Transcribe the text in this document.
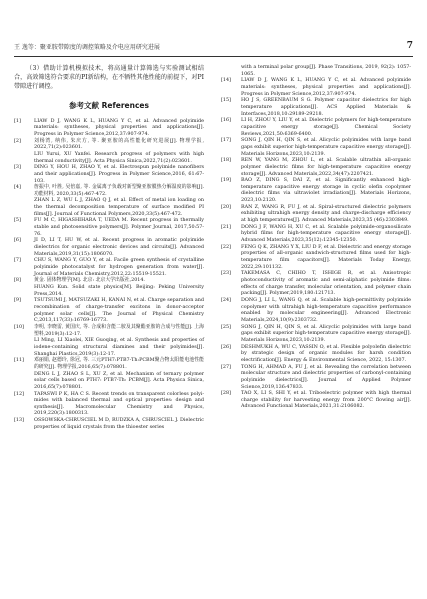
王 逸等：聚亚胺带隙度的调控策略及介电应用研究进展	7

（3）借助计算机模拟技术，将高通量计算筛选与实验测试相结合，高效筛选符合要求的PI新结构，在不牺牲其他性能的前提下，对PI带隙进行调控。

参考文献 References
[1]	LIAW D J, WANG K L, HUANG Y C, et al. Advanced polyimide materials: syntheses, physical properties and applications[J]. Progress in Polymer Science,2012,37:907-974.
[2]	刘杨湾, 纳伟, 朱庆方, 等. 聚亚胺的高性能化研究进展[J]. 物理学报, 2022,71(2):023601.
LIU Yurui, XU Yanfei. Research progress of polymers with high thermal conductivity[J]. Acta Physica Sinica,2022,71(2):023601.
[3]	DING Y, HOU H, ZHAO Y, et al. Electrospun polyimide nanofibers and their applications[J]. Progress in Polymer Science,2016, 61:67-103.
[4]	詹振中, 叶胜, 吴倍嘉, 等. 金属离子负载对新型聚亚胺膜热分解温度的影响[J]. 功能材料, 2020,33(5):467-472.
ZHAN L Z, WU L J, ZHAO Q J, et al. Effect of metal ion loading on the thermal decomposition temperature of surface modified PI films[J]. Journal of Functional Polymers,2020,33(5):467-472.
[5]	FU M C, HIGASHIHARA T, UEDA M. Recent progress in thermally stable and photosensitive polymers[J]. Polymer Journal, 2017,50:57-76.
[6]	JI D, LI T, HU W, et al. Recent progress in aromatic polyimide dielectrics for organic electronic devices and circuits[J]. Advanced Materials,2019,31(15):1806070.
[7]	CHU S, WANG Y, GUO Y, et al. Facile green synthesis of crystalline polyimide photocatalyst for hydrogen generation from water[J]. Journal of Materials Chemistry,2012,22:15519-15521.
[8]	黄金. 固体物理学[M]. 北京: 北京大学出版社,2014.
HUANG Kun. Solid state physics[M]. Beijing: Peking University Press,2014.
[9]	TSUTSUMI J, MATSUZAKI H, KANAI N, et al. Charge separation and recombination of charge-transfer excitons in donor-acceptor polymer solar cells[J]. The Journal of Physical Chemistry C,2013,117(33):16769-16773.
[10] 李明, 李晓雷, 黄国庆, 等. 合成和含能二胺及其聚酯亚胺的合成与性能[J]. 上海塑料,2019(3):12-17.
LI Ming, LI Xiaolei, XIE Guoqing, et al. Synthesis and properties of iodene-containing structural diamines and their polyimides[J]. Shanghai Plastics,2019(3):12-17.
[11] 邓丽娟, 赵德玲, 徐冠, 等. 三元PTH7:PTB7-Th:PCBM聚合物太阳能电池性能的研究[J]. 物理学报,2016,65(7):078801.
DENG L J, ZHAO S L, XU Z, et al. Mechanism of ternary polymer solar cells based on PTH7: PTB7-Th: PCBM[J]. Acta Physica Sinica, 2016,65(7):078801.
[12] TAPASWI P K, HA C S. Recent trends on transparent colorless polyi-mides with balanced thermal and optical properties: design and synthesis[J]. Macromolecular Chemistry and Physics, 2019,220(3):1800313.
[13] OSSOWSKA-CHRUSCIEL M D, RUDZKA A, CHRUSCIEL J. Dielectric properties of liquid crystals from the thioester series
with a terminal polar group[J]. Phase Transitions, 2019, 92(2): 1057-1065.
[14] LIAW D J, WANG K L, HUANG Y C, et al. Advanced polyimide materials: syntheses, physical properties and applications[J]. Progress in Polymer Science,2012,37:907-974.
[15] HO J S, GREENBAUM S G. Polymer capacitor dielectrics for high temperature applications[J]. ACS Applied Materials & Interfaces,2018,10:29189-29218.
[16] LI H, ZHOU Y, LIU Y, et al. Dielectric polymers for high-temperature capacitive energy storage[J]. Chemical Society Reviews,2021,50:6369-6400.
[17] SONG J, QIN H, QIN S, et al. Alicyclic polyimides with large band gaps exhibit superior high-temperature capacitive energy storage[J]. Materials Horizons,2023,10:2139.
[18] REN W, YANG M, ZHOU L, et al. Scalable ultrathin all-organic polymer dielectric films for high-temperature capacitive energy storage[J]. Advanced Materials,2022,34(47):2207421.
[19] BAO Z, DING S, DAI Z, et al. Significantly enhanced high-temperature capacitive energy storage in cyclic olefin copolymer dielectric films via ultraviolet irradiation[J]. Materials Horizons, 2023,10:2120.
[20] RAN Z, WANG R, FU J, et al. Spiral-structured dielectric polymers exhibiting ultrahigh energy density and charge-discharge efficiency at high temperatures[J]. Advanced Materials,2023,35 (46):2303849.
[21] DONG J F, WANG H, XU C, et al. Scalable polyimide-organosilicate hybrid films for high-temperature capacitive energy storage[J]. Advanced Materials,2023,35(12):12345-12350.
[22] FENG Q K, ZHANG Y X, LIU D F, et al. Dielectric and energy storage properties of all-organic sandwich-structured films used for high-temperature film capacitors[J]. Materials Today Energy, 2022,29:101132.
[23] TAKEMASA C, CHIHO T, ISHIGE R, et al. Anisotropic photoconductivity of aromatic and semi-aliphatic polyimide films: effects of charge transfer, molecular orientation, and polymer chain packing[J]. Polymer,2019,180:121713.
[24] DONG J, LI L, WANG Q, et al. Scalable high-permittivity polyimide copolymer with ultrahigh high-temperature capacitive performance enabled by molecular engineering[J]. Advanced Electronic Materials,2024,10(9):2303732.
[25] SONG J, QIN H, QIN S, et al. Alicyclic polyimides with large band gaps exhibit superior high-temperature capacitive energy storage[J]. Materials Horizons,2023,10:2139.
[26] DESHMUKH A, WU C, YASSIN O, et al. Flexible polyolefin dielectric by strategic design of organic modules for harsh condition electrification[J]. Energy & Environmental Science, 2022, 15:1307.
[27] TONG H, AHMAD A, FU J, et al. Revealing the correlation between molecular structure and dielectric properties of carbonyl-containing polyimide dielectrics[J]. Journal of Applied Polymer Science,2019,136:47833.
[28] TAO X, LI S, SHI Y, et al. Triboelectric polymer with high thermal charge stability for harvesting energy from 200°C flowing air[J]. Advanced Functional Materials,2021,31:2106082.
